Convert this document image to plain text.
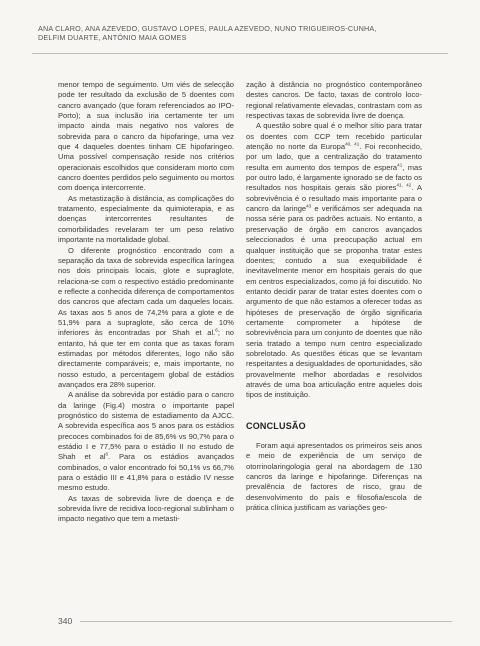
ANA CLARO, ANA AZEVEDO, GUSTAVO LOPES, PAULA AZEVEDO, NUNO TRIGUEIROS-CUNHA,
DELFIM DUARTE, ANTÓNIO MAIA GOMES

menor tempo de seguimento. Um viés de selecção pode ter resultado da exclusão de 5 doentes com cancro avançado (que foram referenciados ao IPO-Porto); a sua inclusão iria certamente ter um impacto ainda mais negativo nos valores de sobrevida para o cancro da hipofaringe, uma vez que 4 daqueles doentes tinham CE hipofaringeo. Uma possível compensação reside nos critérios operacionais escolhidos que consideram morto com cancro doentes perdidos pelo seguimento ou mortos com doença intercorrente.

As metastização à distância, as complicações do tratamento, especialmente da quimioterapia, e as doenças intercorrentes resultantes de comorbilidades revelaram ter um peso relativo importante na mortalidade global.

O diferente prognóstico encontrado com a separação da taxa de sobrevida específica laríngea nos dois principais locais, glote e supraglote, relaciona-se com o respectivo estádio predominante e reflecte a conhecida diferença de comportamentos dos cancros que afectam cada um daqueles locais. As taxas aos 5 anos de 74,2% para a glote e de 51,9% para a supraglote, são cerca de 10% inferiores às encontradas por Shah et al.$^6$; no entanto, há que ter em conta que as taxas foram estimadas por métodos diferentes, logo não são directamente comparáveis; e, mais importante, no nosso estudo, a percentagem global de estádios avançados era 28% superior.

A análise da sobrevida por estádio para o cancro da laringe (Fig.4) mostra o importante papel prognóstico do sistema de estadiamento da AJCC. A sobrevida específica aos 5 anos para os estádios precoces combinados foi de 85,6% vs 90,7% para o estádio I e 77,5% para o estádio II no estudo de Shah et $al^6$. Para os estádios avançados combinados, o valor encontrado foi 50,1% vs 66,7% para o estádio III e 41,8% para o estádio IV nesse mesmo estudo.

As taxas de sobrevida livre de doença e de sobrevida livre de recidiva loco-regional sublinham o impacto negativo que tem a metasti-

zação à distância no prognóstico contemporâneo destes cancros. De facto, taxas de controlo loco-regional relativamente elevadas, contrastam com as respectivas taxas de sobrevida livre de doença.

A questão sobre qual é o melhor sítio para tratar os doentes com CCP tem recebido particular atenção no norte da Europa$^{40, 41}$. Foi reconhecido, por um lado, que a centralização do tratamento resulta em aumento dos tempos de espera$^{41}$, mas por outro lado, é largamente ignorado se de facto os resultados nos hospitais gerais são piores$^{41, 42}$. A sobrevivência é o resultado mais importante para o cancro da laringe$^{43}$ e verificámos ser adequada na nossa série para os padrões actuais. No entanto, a preservação de órgão em cancros avançados seleccionados é uma preocupação actual em qualquer instituição que se proponha tratar estes doentes; contudo a sua exequibilidade é inevitavelmente menor em hospitais gerais do que em centros especializados, como já foi discutido. No entanto decidir parar de tratar estes doentes com o argumento de que não estamos a oferecer todas as hipóteses de preservação de órgão significaria certamente comprometer a hipótese de sobrevivência para um conjunto de doentes que não seria tratado a tempo num centro especializado sobrelotado. As questões éticas que se levantam respeitantes a desigualdades de oportunidades, são provavelmente melhor abordadas e resolvidos através de uma boa articulação entre aqueles dois tipos de instituição.

CONCLUSÃO

Foram aqui apresentados os primeiros seis anos e meio de experiência de um serviço de otorrinolaringologia geral na abordagem de 130 cancros da laringe e hipofaringe. Diferenças na prevalência de factores de risco, grau de desenvolvimento do país e filosofia/escola de prática clínica justificam as variações geo-

340
